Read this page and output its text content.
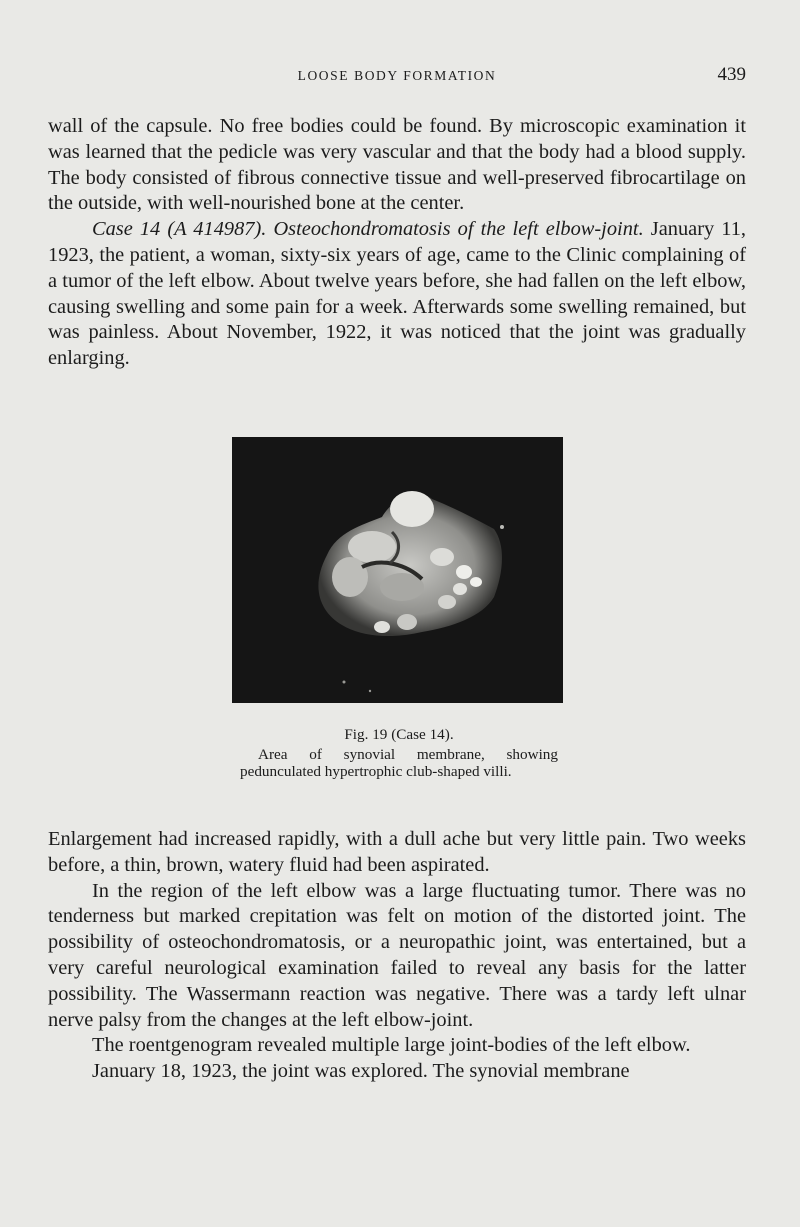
LOOSE BODY FORMATION	439

wall of the capsule. No free bodies could be found. By microscopic examination it was learned that the pedicle was very vascular and that the body had a blood supply. The body consisted of fibrous connective tissue and well-preserved fibrocartilage on the outside, with well-nourished bone at the center.

Case 14 (A 414987). Osteochondromatosis of the left elbow-joint. January 11, 1923, the patient, a woman, sixty-six years of age, came to the Clinic complaining of a tumor of the left elbow. About twelve years before, she had fallen on the left elbow, causing swelling and some pain for a week. Afterwards some swelling remained, but was painless. About November, 1922, it was noticed that the joint was gradually enlarging.

Fig. 19 (Case 14).

Area of synovial membrane, showing pedunculated hypertrophic club-shaped villi.

Enlargement had increased rapidly, with a dull ache but very little pain. Two weeks before, a thin, brown, watery fluid had been aspirated.

In the region of the left elbow was a large fluctuating tumor. There was no tenderness but marked crepitation was felt on motion of the distorted joint. The possibility of osteochondromatosis, or a neuropathic joint, was entertained, but a very careful neurological examination failed to reveal any basis for the latter possibility. The Wassermann reaction was negative. There was a tardy left ulnar nerve palsy from the changes at the left elbow-joint.

The roentgenogram revealed multiple large joint-bodies of the left elbow.

January 18, 1923, the joint was explored. The synovial membrane
